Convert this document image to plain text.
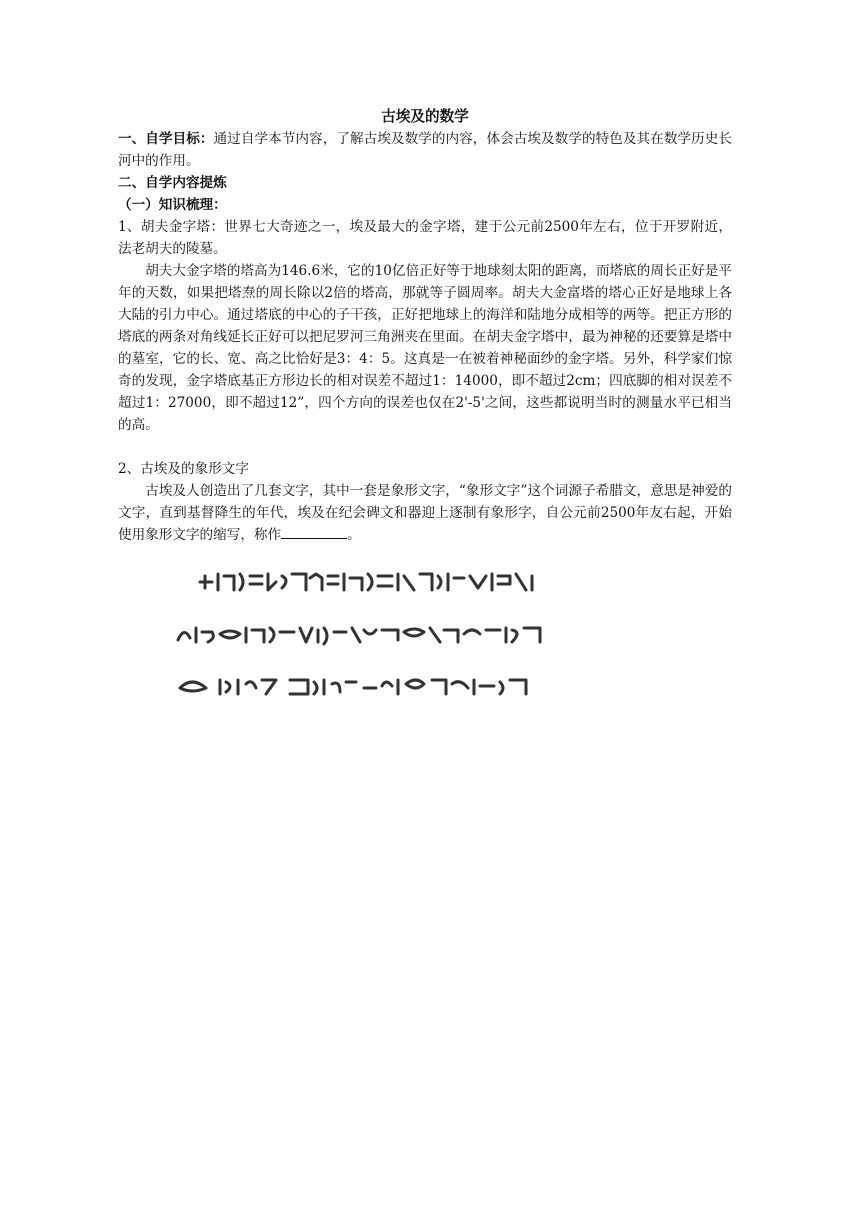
古埃及的数学

一、自学目标：通过自学本节内容，了解古埃及数学的内容，体会古埃及数学的特色及其在数学历史长河中的作用。

二、自学内容提炼

（一）知识梳理：

1、胡夫金字塔：世界七大奇迹之一，埃及最大的金字塔，建于公元前2500年左右，位于开罗附近，法老胡夫的陵墓。

胡夫大金字塔的塔高为146.6米，它的10亿倍正好等于地球刻太阳的距离，而塔底的周长正好是平年的天数，如果把塔焘的周长除以2倍的塔高，那就等子圆周率。胡夫大金富塔的塔心正好是地球上各大陆的引力中心。通过塔底的中心的子干孩，正好把地球上的海洋和陆地分成相等的两等。把正方形的塔底的两条对角线延长正好可以把尼罗河三角洲夹在里面。在胡夫金字塔中，最为神秘的还要算是塔中的墓室，它的长、宽、高之比恰好是3：4：5。这真是一在被着神秘面纱的金字塔。另外，科学家们惊奇的发现，金字塔底基正方形边长的相对误差不超过1：14000，即不超过2cm；四底脚的相对误差不超过1：27000，即不超过12”，四个方向的误差也仅在2'-5'之间，这些都说明当时的测量水平已相当的高。

2、古埃及的象形文字

古埃及人创造出了几套文字，其中一套是象形文字，“象形文字”这个词源子希腊文，意思是神爱的文字，直到基督降生的年代，埃及在纪会碑文和器迎上逐制有象形字，自公元前2500年友右起，开始使用象形文字的缩写，称作	。
